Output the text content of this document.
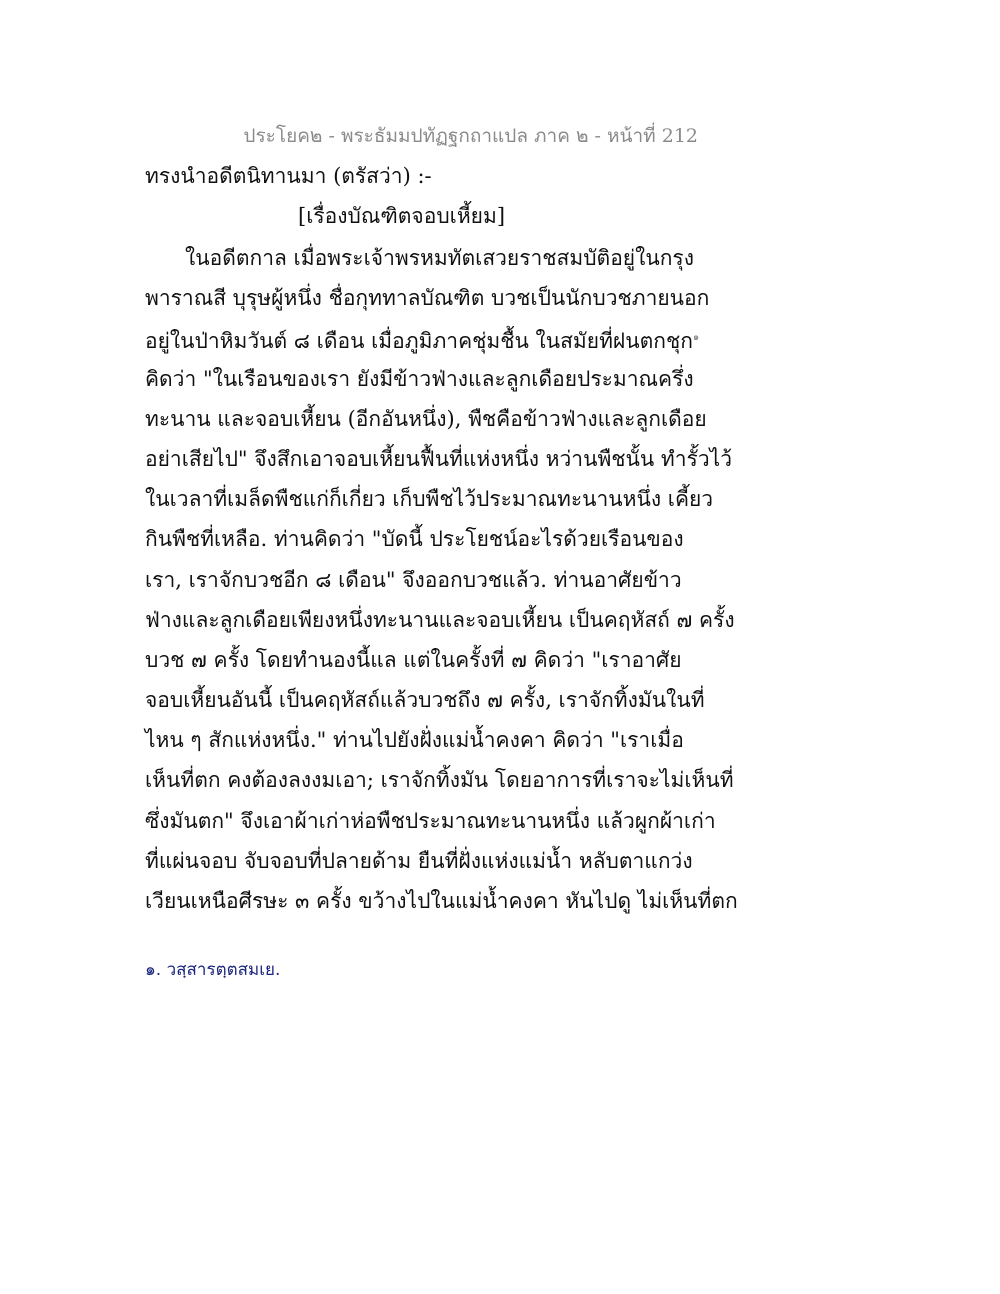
ประโยค๒ - พระธัมมปทัฏฐกถาแปล ภาค ๒ - หน้าที่ 212
ทรงนำอดีตนิทานมา (ตรัสว่า) :-
[เรื่องบัณฑิตจอบเหี้ยม]
ในอดีตกาล เมื่อพระเจ้าพรหมทัตเสวยราชสมบัติอยู่ในกรุง
พาราณสี บุรุษผู้หนึ่ง ชื่อกุททาลบัณฑิต บวชเป็นนักบวชภายนอก
อยู่ในป่าหิมวันต์ ๘ เดือน เมื่อภูมิภาคชุ่มชื้น ในสมัยที่ฝนตกชุก$^๑$
คิดว่า "ในเรือนของเรา ยังมีข้าวฟ่างและลูกเดือยประมาณครึ่ง
ทะนาน และจอบเหี้ยน (อีกอันหนึ่ง), พืชคือข้าวฟ่างและลูกเดือย
อย่าเสียไป" จึงสึกเอาจอบเหี้ยนฟื้นที่แห่งหนึ่ง หว่านพืชนั้น ทำรั้วไว้
ในเวลาที่เมล็ดพืชแก่ก็เกี่ยว เก็บพืชไว้ประมาณทะนานหนึ่ง เคี้ยว
กินพืชที่เหลือ. ท่านคิดว่า "บัดนี้ ประโยชน์อะไรด้วยเรือนของ
เรา, เราจักบวชอีก ๘ เดือน" จึงออกบวชแล้ว. ท่านอาศัยข้าว
ฟ่างและลูกเดือยเพียงหนึ่งทะนานและจอบเหี้ยน เป็นคฤหัสถ์ ๗ ครั้ง
บวช ๗ ครั้ง โดยทำนองนี้แล แต่ในครั้งที่ ๗ คิดว่า "เราอาศัย
จอบเหี้ยนอันนี้ เป็นคฤหัสถ์แล้วบวชถึง ๗ ครั้ง, เราจักทิ้งมันในที่
ไหน ๆ สักแห่งหนึ่ง." ท่านไปยังฝั่งแม่น้ำคงคา คิดว่า "เราเมื่อ
เห็นที่ตก คงต้องลงงมเอา; เราจักทิ้งมัน โดยอาการที่เราจะไม่เห็นที่
ซึ่งมันตก" จึงเอาผ้าเก่าห่อพืชประมาณทะนานหนึ่ง แล้วผูกผ้าเก่า
ที่แผ่นจอบ จับจอบที่ปลายด้าม ยืนที่ฝั่งแห่งแม่น้ำ หลับตาแกว่ง
เวียนเหนือศีรษะ ๓ ครั้ง ขว้างไปในแม่น้ำคงคา หันไปดู ไม่เห็นที่ตก
๑. วสฺสารตฺตสมเย.
